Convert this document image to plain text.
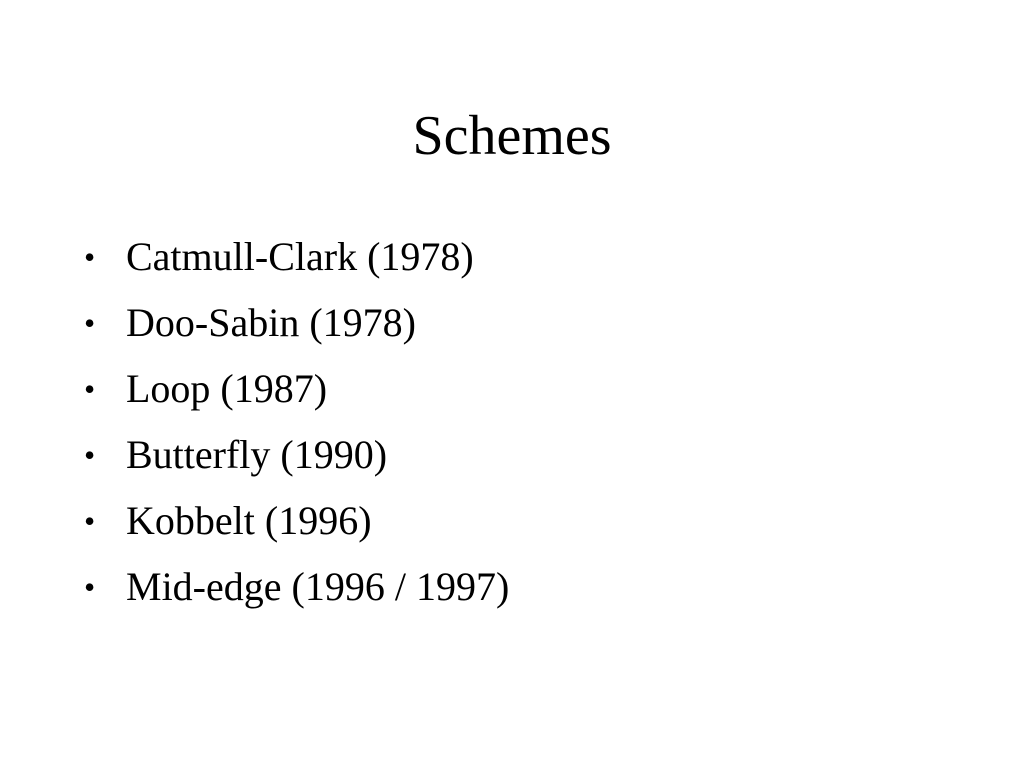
Schemes
• Catmull-Clark (1978)
• Doo-Sabin (1978)
• Loop (1987)
• Butterfly (1990)
• Kobbelt (1996)
• Mid-edge (1996 / 1997)
